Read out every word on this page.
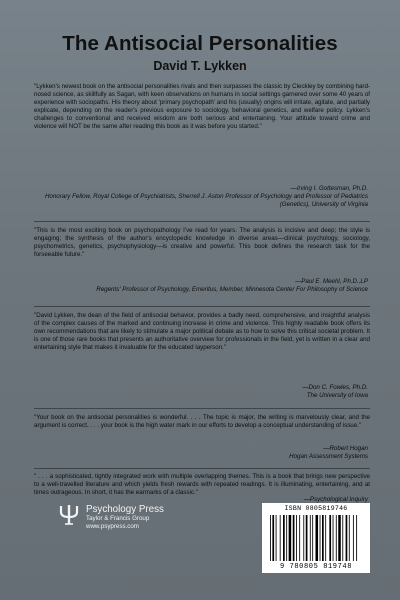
The Antisocial Personalities
David T. Lykken
"Lykken's newest book on the antisocial personalities rivals and then surpasses the classic by Cleckley by combining hard-nosed science, as skillfully as Sagan, with keen observations on humans in social settings garnered over some 40 years of experience with sociopaths. His theory about 'primary psychopath' and his (usually) origins will irritate, agitate, and partially explicate, depending on the reader's previous exposure to sociology, behavioral genetics, and welfare policy. Lykken's challenges to conventional and received wisdom are both serious and entertaining. Your attitude toward crime and violence will NOT be the same after reading this book as it was before you started."
—Irving I. Gottesman, Ph.D.
Honorary Fellow, Royal College of Psychiatrists, Sherrell J. Aston Professor of Psychology and Professor of Pediatrics (Genetics), University of Virginia
"This is the most exciting book on psychopathology I've read for years. The analysis is incisive and deep; the style is engaging; the synthesis of the author's encyclopedic knowledge in diverse areas—clinical psychology, sociology, psychometrics, genetics, psychophysiology—is creative and powerful. This book defines the research task for the forseeable future."
—Paul E. Meehl, Ph.D.,LP
Regents' Professor of Psychology, Emeritus, Member, Minnesota Center For Philosophy of Science
"David Lykken, the dean of the field of antisocial behavior, provides a badly need, comprehensive, and insightful analysis of the complex causes of the marked and continuing increase in crime and violence. This highly readable book offers its own recommendations that are likely to stimulate a major political debate as to how to solve this critical societal problem. It is one of those rare books that presents an authoritative overview for professionals in the field, yet is written in a clear and entertaining style that makes it invaluable for the educated layperson."
—Don C. Fowles, Ph.D.
The University of Iowa
"Your book on the antisocial personalities is wonderful. . . . The topic is major, the writing is marvelously clear, and the argument is correct. . . . your book is the high water mark in our efforts to develop a conceptual understanding of issue."
—Robert Hogan
Hogan Assessment Systems
" . . . a sophisticated, tightly integrated work with multiple overlapping themes. This is a book that brings new perspective to a well-travelled literature and which yields fresh rewards with repeated readings. It is illuminating, entertaining, and at times outrageous. In short, it has the earmarks of a classic."
—Psychological Inquiry
Psychology Press
Taylor & Francis Group
www.psypress.com
ISBN 0805819746
9 780805 819748
